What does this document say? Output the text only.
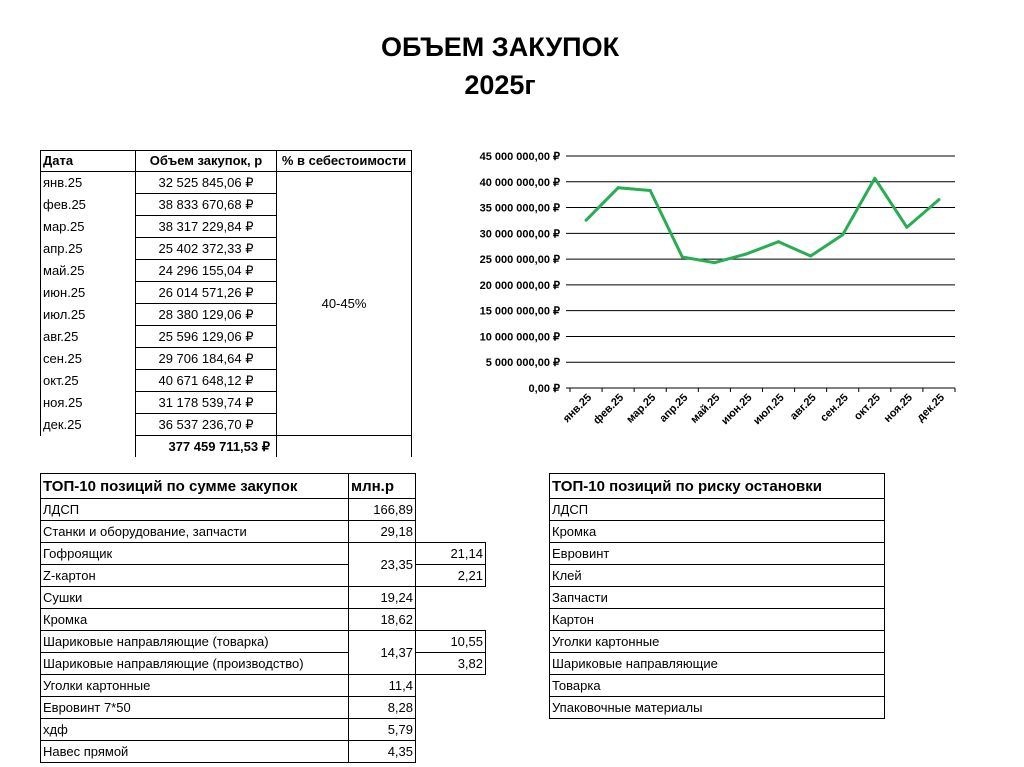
ОБЪЕМ ЗАКУПОК
2025г
Дата	Объем закупок, р	% в себестоимости
янв.25	32 525 845,06 ₽	40-45%
фев.25	38 833 670,68 ₽	
мар.25	38 317 229,84 ₽	
апр.25	25 402 372,33 ₽	
май.25	24 296 155,04 ₽	
июн.25	26 014 571,26 ₽	
июл.25	28 380 129,06 ₽	
авг.25	25 596 129,06 ₽	
сен.25	29 706 184,64 ₽	
окт.25	40 671 648,12 ₽	
ноя.25	31 178 539,74 ₽	
дек.25	36 537 236,70 ₽	
	377 459 711,53 ₽	
0,00 ₽
5 000 000,00 ₽
10 000 000,00 ₽
15 000 000,00 ₽
20 000 000,00 ₽
25 000 000,00 ₽
30 000 000,00 ₽
35 000 000,00 ₽
40 000 000,00 ₽
45 000 000,00 ₽
янв.25
фев.25
мар.25 апр.25
май.25
июн.25
июл.25 авг.25 сен.25 окт.25
ноя.25 дек.25
ТОП-10 позиций по сумме закупок	млн.р	
ЛДСП	166,89	
Станки и оборудование, запчасти	29,18	
Гофроящик	23,35	21,14
Z-картон		2,21
Сушки	19,24	
Кромка	18,62	
Шариковые направляющие (товарка)	14,37	10,55
Шариковые направляющие (производство)		3,82
Уголки картонные	11,4	
Евровинт 7*50	8,28	
хдф	5,79	
Навес прямой	4,35	
ТОП-10 позиций по риску остановки
ЛДСП
Кромка
Евровинт
Клей
Запчасти
Картон
Уголки картонные
Шариковые направляющие
Товарка
Упаковочные материалы
